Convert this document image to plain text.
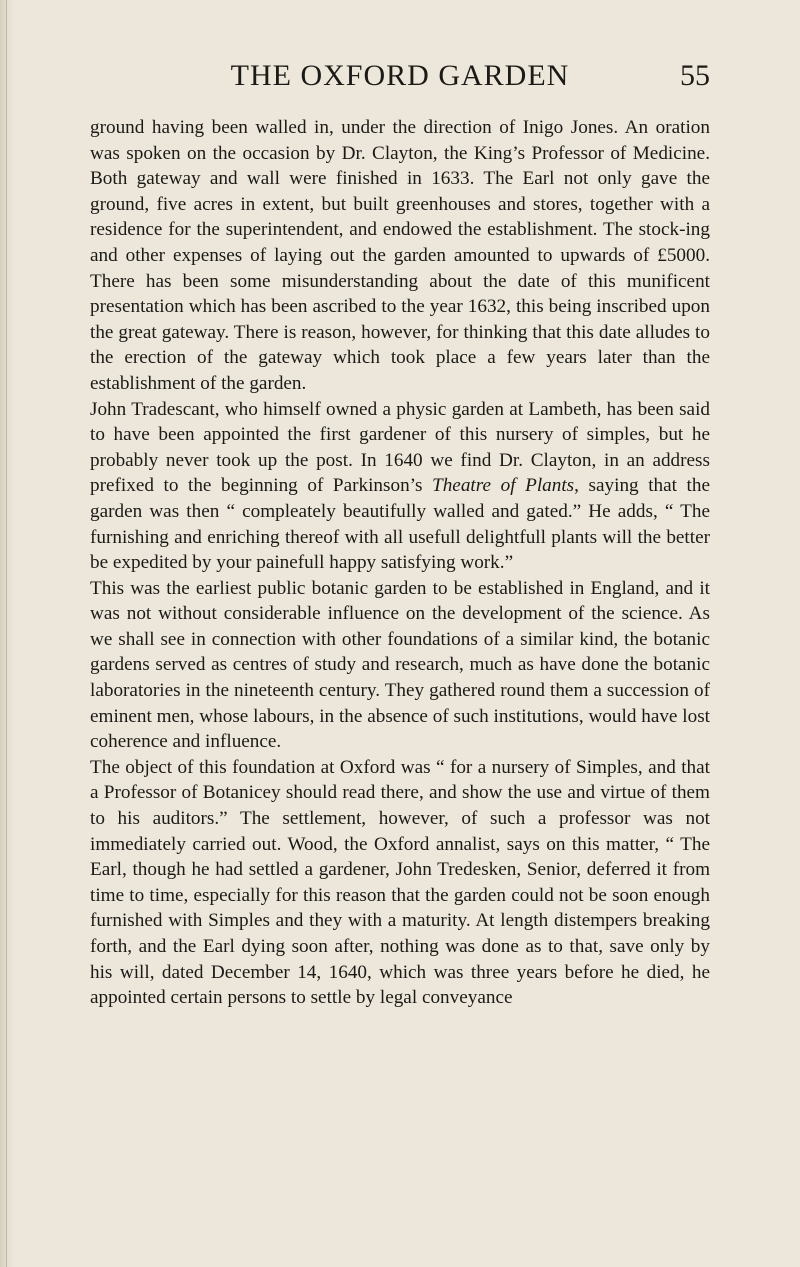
THE OXFORD GARDEN	55

ground having been walled in, under the direction of Inigo Jones. An oration was spoken on the occasion by Dr. Clayton, the King’s Professor of Medicine. Both gateway and wall were finished in 1633. The Earl not only gave the ground, five acres in extent, but built greenhouses and stores, together with a residence for the superintendent, and endowed the establishment. The stock-ing and other expenses of laying out the garden amounted to upwards of £5000. There has been some misunderstanding about the date of this munificent presentation which has been ascribed to the year 1632, this being inscribed upon the great gateway. There is reason, however, for thinking that this date alludes to the erection of the gateway which took place a few years later than the establishment of the garden.

John Tradescant, who himself owned a physic garden at Lambeth, has been said to have been appointed the first gardener of this nursery of simples, but he probably never took up the post. In 1640 we find Dr. Clayton, in an address prefixed to the beginning of Parkinson’s Theatre of Plants, saying that the garden was then “ compleately beautifully walled and gated.” He adds, “ The furnishing and enriching thereof with all usefull delightfull plants will the better be expedited by your painefull happy satisfying work.”

This was the earliest public botanic garden to be established in England, and it was not without considerable influence on the development of the science. As we shall see in connection with other foundations of a similar kind, the botanic gardens served as centres of study and research, much as have done the botanic laboratories in the nineteenth century. They gathered round them a succession of eminent men, whose labours, in the absence of such institutions, would have lost coherence and influence.

The object of this foundation at Oxford was “ for a nursery of Simples, and that a Professor of Botanicey should read there, and show the use and virtue of them to his auditors.” The settlement, however, of such a professor was not immediately carried out. Wood, the Oxford annalist, says on this matter, “ The Earl, though he had settled a gardener, John Tredesken, Senior, deferred it from time to time, especially for this reason that the garden could not be soon enough furnished with Simples and they with a maturity. At length distempers breaking forth, and the Earl dying soon after, nothing was done as to that, save only by his will, dated December 14, 1640, which was three years before he died, he appointed certain persons to settle by legal conveyance
